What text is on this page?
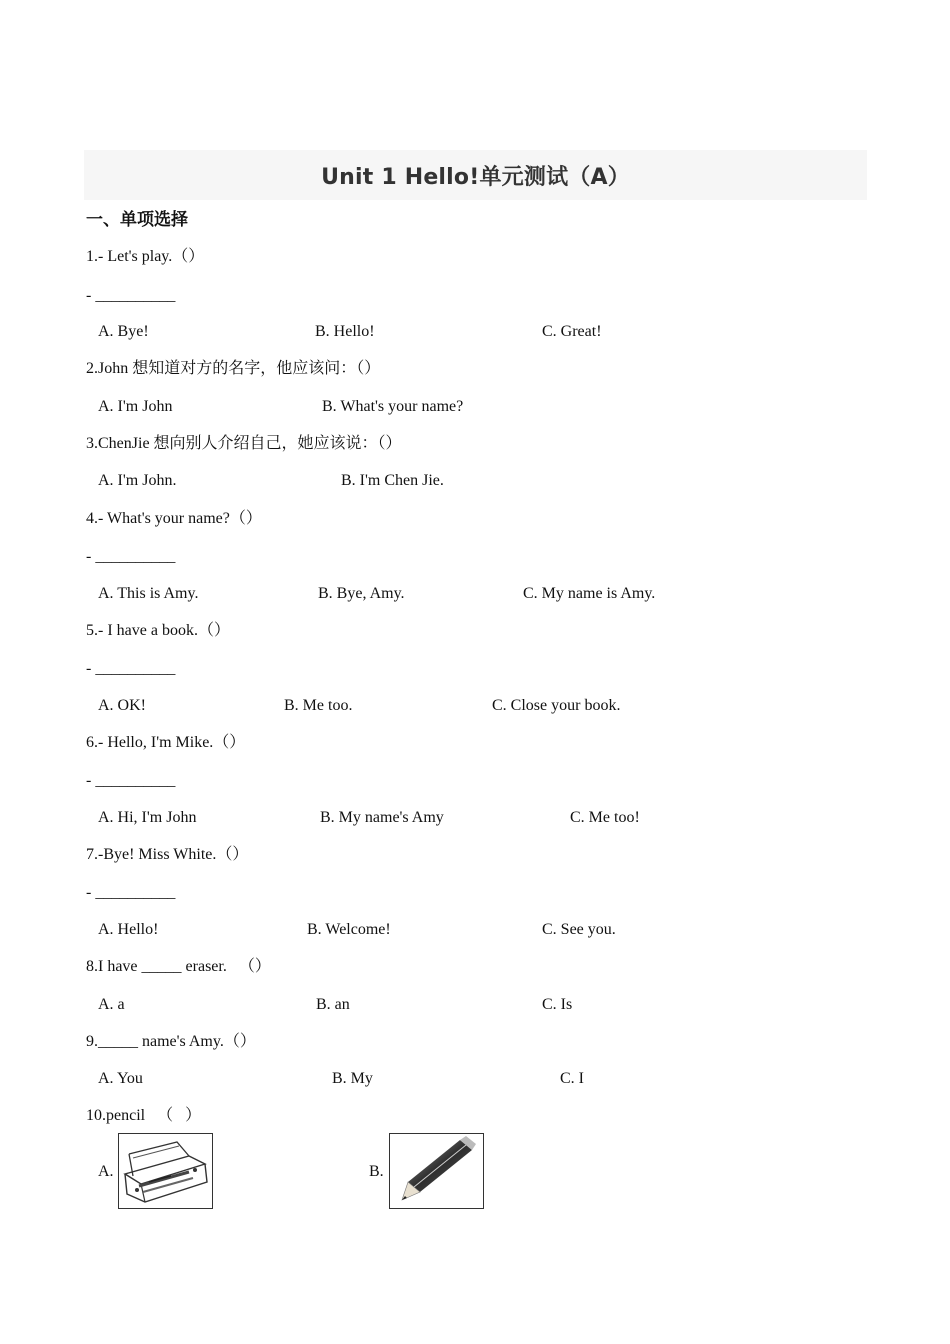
Unit 1 Hello!单元测试（A）
一、单项选择
1.- Let's play.（）
- __________
A. Bye!	B. Hello!	C. Great!
2.John 想知道对方的名字，他应该问：（）
A. I'm John	B. What's your name?
3.ChenJie 想向别人介绍自己，她应该说：（）
A. I'm John.	B. I'm Chen Jie.
4.- What's your name?（）
- __________
A. This is Amy.	B. Bye, Amy.	C. My name is Amy.
5.- I have a book.（）
- __________
A. OK!	B. Me too.	C. Close your book.
6.- Hello, I'm Mike.（）
- __________
A. Hi, I'm John	B. My name's Amy	C. Me too!
7.-Bye! Miss White.（）
- __________
A. Hello!	B. Welcome!	C. See you.
8.I have _____ eraser.   （）
A. a	B. an	C. Is
9._____ name's Amy.（）
A. You	B. My	C. I
10.pencil   （   ）
A.	B.
